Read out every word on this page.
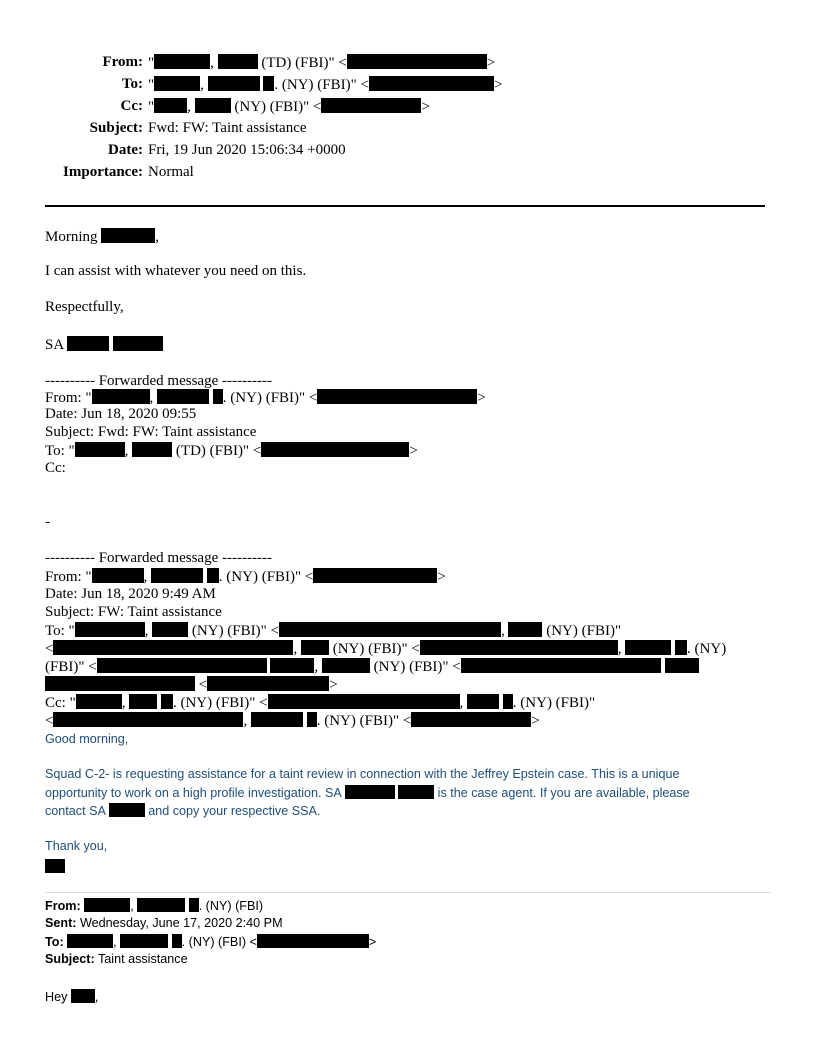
From: "	,	(TD) (FBI)" <	>
To: "	,	. (NY) (FBI)" <	>
Cc: " ,	(NY) (FBI)" <	>
Subject: Fwd: FW: Taint assistance
Date: Fri, 19 Jun 2020 15:06:34 +0000
Importance: Normal
Morning	,
I can assist with whatever you need on this.
Respectfully,
SA
---------- Forwarded message ----------
From: "	,	. (NY) (FBI)" <	>
Date: Jun 18, 2020 09:55
Subject: Fwd: FW: Taint assistance
To: "	,	(TD) (FBI)" <	>
Cc:
-
---------- Forwarded message ----------
From: "	,	. (NY) (FBI)" <	>
Date: Jun 18, 2020 9:49 AM
Subject: FW: Taint assistance
To: "	,	(NY) (FBI)" <	,	(NY) (FBI)"
<	,  (NY) (FBI)" <	,	. (NY)
(FBI)" <	,	(NY) (FBI)" <
<	>
Cc: "	,	. (NY) (FBI)" <	,	. (NY) (FBI)"
<	,	. (NY) (FBI)" <	>
Good morning,
Squad C-2- is requesting assistance for a taint review in connection with the Jeffrey Epstein case. This is a unique
opportunity to work on a high profile investigation. SA	is the case agent. If you are available, please
contact SA	and copy your respective SSA.
Thank you,
From:	,	. (NY) (FBI)
Sent: Wednesday, June 17, 2020 2:40 PM
To:	,	. (NY) (FBI) <	>
Subject: Taint assistance
Hey ,
